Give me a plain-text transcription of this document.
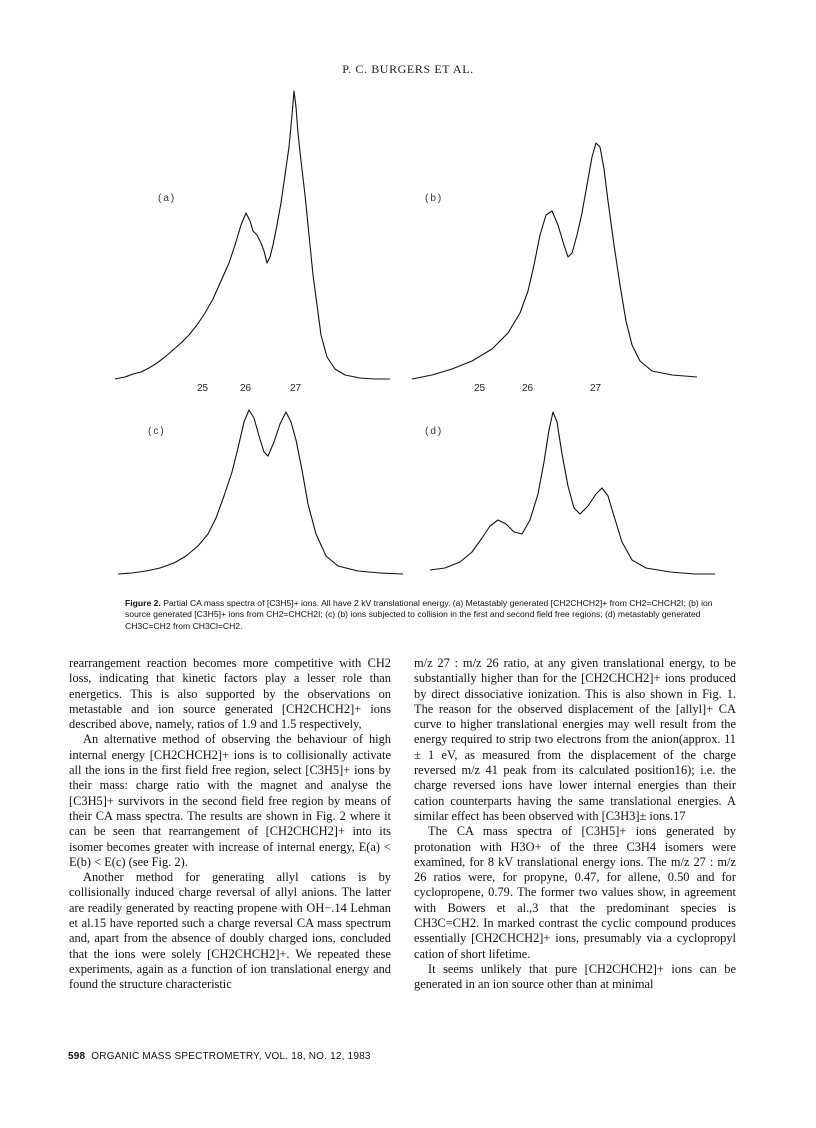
P. C. BURGERS ET AL.
(a)
25	26	27
(b)
25	26	27
(c)	(d)
Figure 2. Partial CA mass spectra of [C3H5]+ ions. All have 2 kV translational energy. (a) Metastably generated [CH2CHCH2]+ from CH2=CHCH2I; (b) ion source generated [C3H5]+ ions from CH2=CHCH2I; (c) (b) ions subjected to collision in the first and second field free regions; (d) metastably generated CH3C=CH2 from CH3Cl=CH2.

rearrangement reaction becomes more competitive with CH2 loss, indicating that kinetic factors play a lesser role than energetics. This is also supported by the observations on metastable and ion source generated [CH2CHCH2]+ ions described above, namely, ratios of 1.9 and 1.5 respectively,

An alternative method of observing the behaviour of high internal energy [CH2CHCH2]+ ions is to collisionally activate all the ions in the first field free region, select [C3H5]+ ions by their mass: charge ratio with the magnet and analyse the [C3H5]+ survivors in the second field free region by means of their CA mass spectra. The results are shown in Fig. 2 where it can be seen that rearrangement of [CH2CHCH2]+ into its isomer becomes greater with increase of internal energy, E(a) < E(b) < E(c) (see Fig. 2).

Another method for generating allyl cations is by collisionally induced charge reversal of allyl anions. The latter are readily generated by reacting propene with OH−.14 Lehman et al.15 have reported such a charge reversal CA mass spectrum and, apart from the absence of doubly charged ions, concluded that the ions were solely [CH2CHCH2]+. We repeated these experiments, again as a function of ion translational energy and found the structure characteristic

m/z 27 : m/z 26 ratio, at any given translational energy, to be substantially higher than for the [CH2CHCH2]+ ions produced by direct dissociative ionization. This is also shown in Fig. 1. The reason for the observed displacement of the [allyl]+ CA curve to higher translational energies may well result from the energy required to strip two electrons from the anion(approx. 11 ± 1 eV, as measured from the displacement of the charge reversed m/z 41 peak from its calculated position16); i.e. the charge reversed ions have lower internal energies than their cation counterparts having the same translational energies. A similar effect has been observed with [C3H3]± ions.17

The CA mass spectra of [C3H5]+ ions generated by protonation with H3O+ of the three C3H4 isomers were examined, for 8 kV translational energy ions. The m/z 27 : m/z 26 ratios were, for propyne, 0.47, for allene, 0.50 and for cyclopropene, 0.79. The former two values show, in agreement with Bowers et al.,3 that the predominant species is CH3C=CH2. In marked contrast the cyclic compound produces essentially [CH2CHCH2]+ ions, presumably via a cyclopropyl cation of short lifetime.

It seems unlikely that pure [CH2CHCH2]+ ions can be generated in an ion source other than at minimal

598 ORGANIC MASS SPECTROMETRY, VOL. 18, NO. 12, 1983
